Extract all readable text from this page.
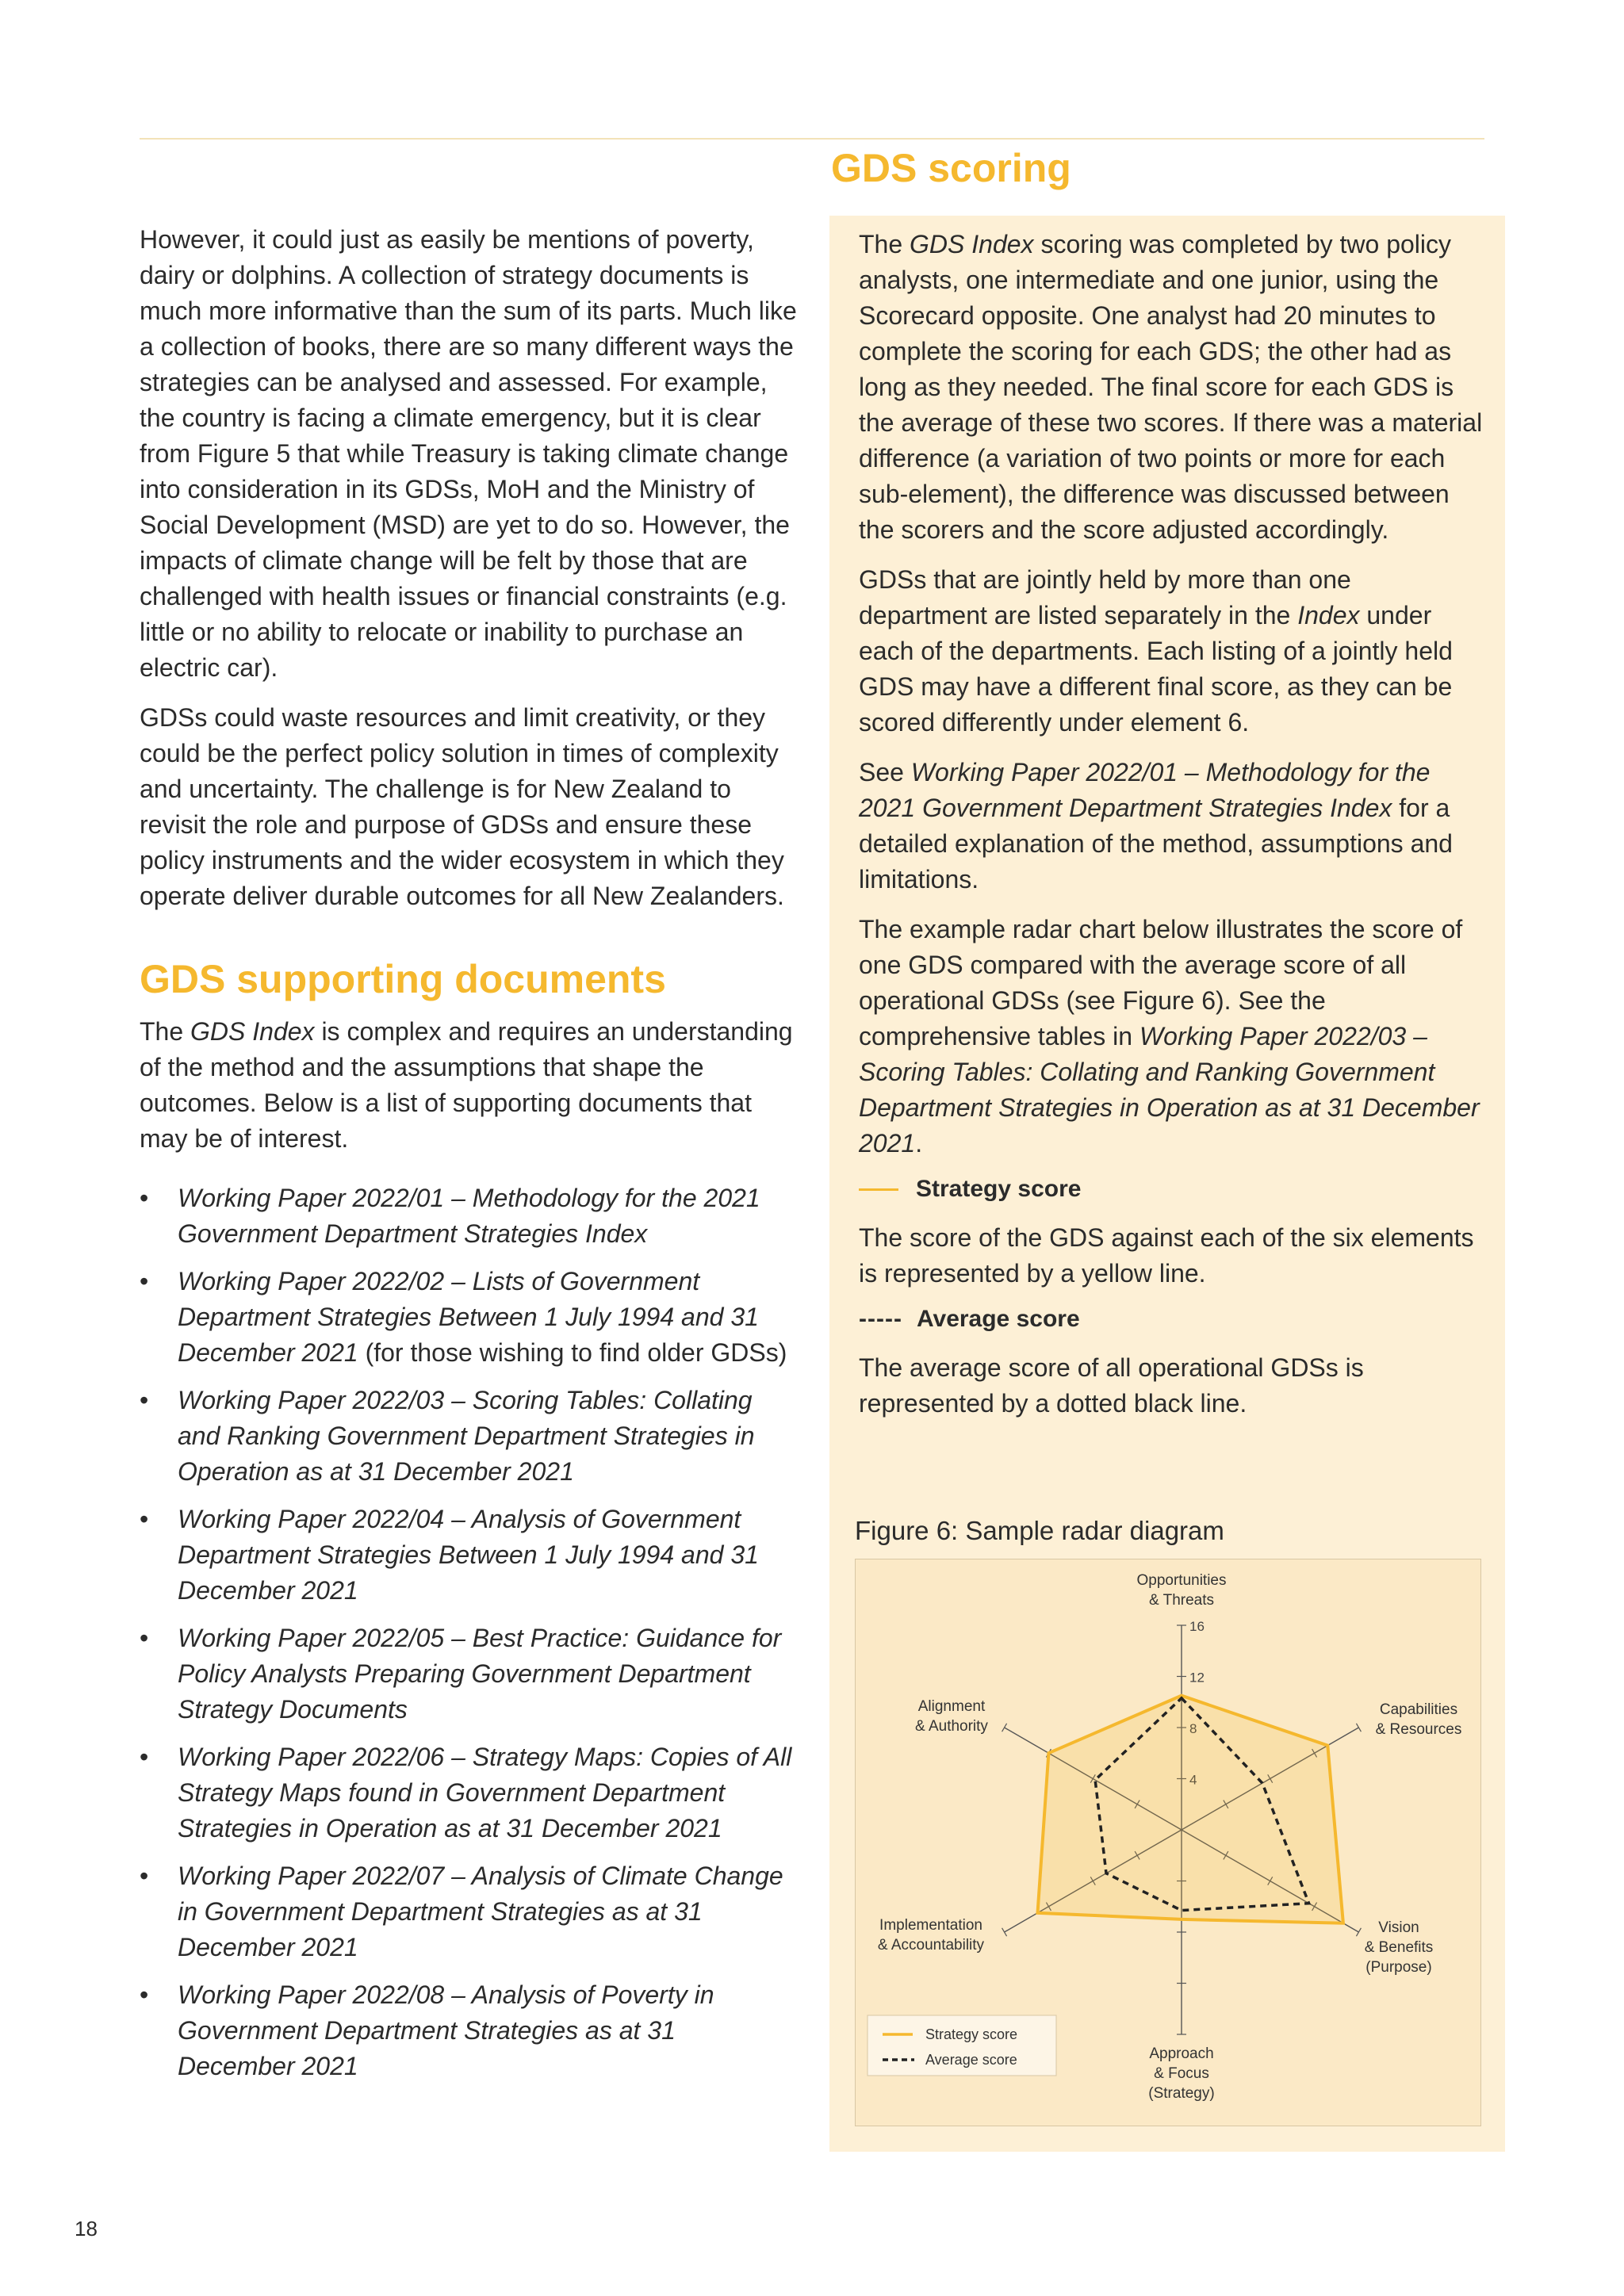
However, it could just as easily be mentions of poverty, dairy or dolphins. A collection of strategy documents is much more informative than the sum of its parts. Much like a collection of books, there are so many different ways the strategies can be analysed and assessed. For example, the country is facing a climate emergency, but it is clear from Figure 5 that while Treasury is taking climate change into consideration in its GDSs, MoH and the Ministry of Social Development (MSD) are yet to do so. However, the impacts of climate change will be felt by those that are challenged with health issues or financial constraints (e.g. little or no ability to relocate or inability to purchase an electric car).

GDSs could waste resources and limit creativity, or they could be the perfect policy solution in times of complexity and uncertainty. The challenge is for New Zealand to revisit the role and purpose of GDSs and ensure these policy instruments and the wider ecosystem in which they operate deliver durable outcomes for all New Zealanders.

GDS supporting documents

The GDS Index is complex and requires an understanding of the method and the assumptions that shape the outcomes. Below is a list of supporting documents that may be of interest.

• Working Paper 2022/01 – Methodology for the 2021 Government Department Strategies Index
• Working Paper 2022/02 – Lists of Government Department Strategies Between 1 July 1994 and 31 December 2021 (for those wishing to find older GDSs)
• Working Paper 2022/03 – Scoring Tables: Collating and Ranking Government Department Strategies in Operation as at 31 December 2021
• Working Paper 2022/04 – Analysis of Government Department Strategies Between 1 July 1994 and 31 December 2021
• Working Paper 2022/05 – Best Practice: Guidance for Policy Analysts Preparing Government Department Strategy Documents
• Working Paper 2022/06 – Strategy Maps: Copies of All Strategy Maps found in Government Department Strategies in Operation as at 31 December 2021
• Working Paper 2022/07 – Analysis of Climate Change in Government Department Strategies as at 31 December 2021
• Working Paper 2022/08 – Analysis of Poverty in Government Department Strategies as at 31 December 2021
GDS scoring

The GDS Index scoring was completed by two policy analysts, one intermediate and one junior, using the Scorecard opposite. One analyst had 20 minutes to complete the scoring for each GDS; the other had as long as they needed. The final score for each GDS is the average of these two scores. If there was a material difference (a variation of two points or more for each sub-element), the difference was discussed between the scorers and the score adjusted accordingly.

GDSs that are jointly held by more than one department are listed separately in the Index under each of the departments. Each listing of a jointly held GDS may have a different final score, as they can be scored differently under element 6.

See Working Paper 2022/01 – Methodology for the 2021 Government Department Strategies Index for a detailed explanation of the method, assumptions and limitations.

The example radar chart below illustrates the score of one GDS compared with the average score of all operational GDSs (see Figure 6). See the comprehensive tables in Working Paper 2022/03 – Scoring Tables: Collating and Ranking Government Department Strategies in Operation as at 31 December 2021.

Strategy score

The score of the GDS against each of the six elements is represented by a yellow line.

----- Average score

The average score of all operational GDSs is represented by a dotted black line.

Figure 6: Sample radar diagram
4
8
12
16
Opportunities & Threats
Capabilities & Resources
Vision & Benefits (Purpose)
Approach & Focus (Strategy)
Implementation & Accountability
Alignment & Authority
Strategy score
Average score
18
